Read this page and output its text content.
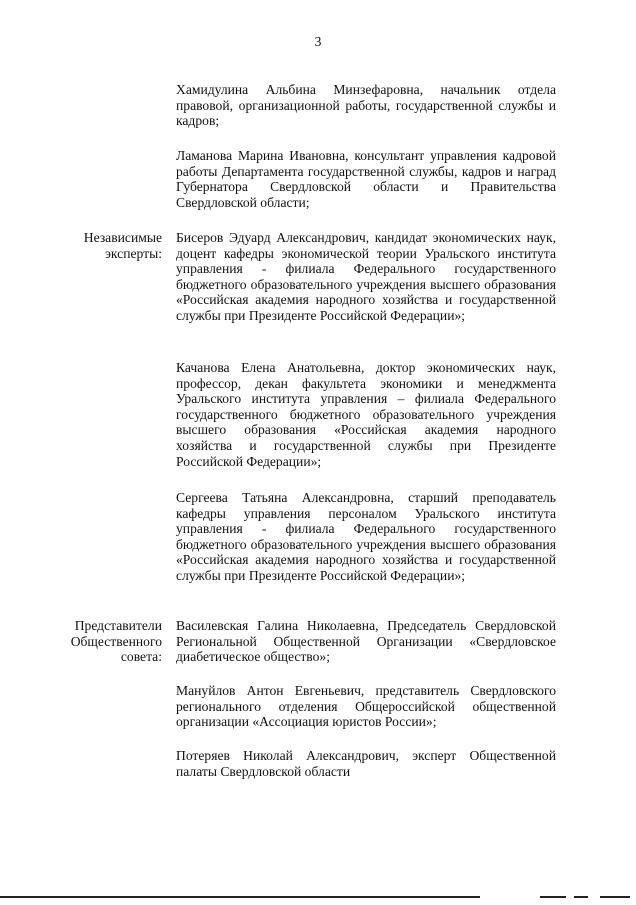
3
Хамидулина Альбина Минзефаровна, начальник отдела правовой, организационной работы, государственной службы и кадров;
Ламанова Марина Ивановна, консультант управления кадровой работы Департамента государственной службы, кадров и наград Губернатора Свердловской области и Правительства Свердловской области;
Независимые эксперты:
Бисеров Эдуард Александрович, кандидат экономических наук, доцент кафедры экономической теории Уральского института управления - филиала Федерального государственного бюджетного образовательного учреждения высшего образования «Российская академия народного хозяйства и государственной службы при Президенте Российской Федерации»;
Качанова Елена Анатольевна, доктор экономических наук, профессор, декан факультета экономики и менеджмента Уральского института управления – филиала Федерального государственного бюджетного образовательного учреждения высшего образования «Российская академия народного хозяйства и государственной службы при Президенте Российской Федерации»;
Сергеева Татьяна Александровна, старший преподаватель кафедры управления персоналом Уральского института управления - филиала Федерального государственного бюджетного образовательного учреждения высшего образования «Российская академия народного хозяйства и государственной службы при Президенте Российской Федерации»;
Представители Общественного совета:
Василевская Галина Николаевна, Председатель Свердловской Региональной Общественной Организации «Свердловское диабетическое общество»;
Мануйлов Антон Евгеньевич, представитель Свердловского регионального отделения Общероссийской общественной организации «Ассоциация юристов России»;
Потеряев Николай Александрович, эксперт Общественной палаты Свердловской области
